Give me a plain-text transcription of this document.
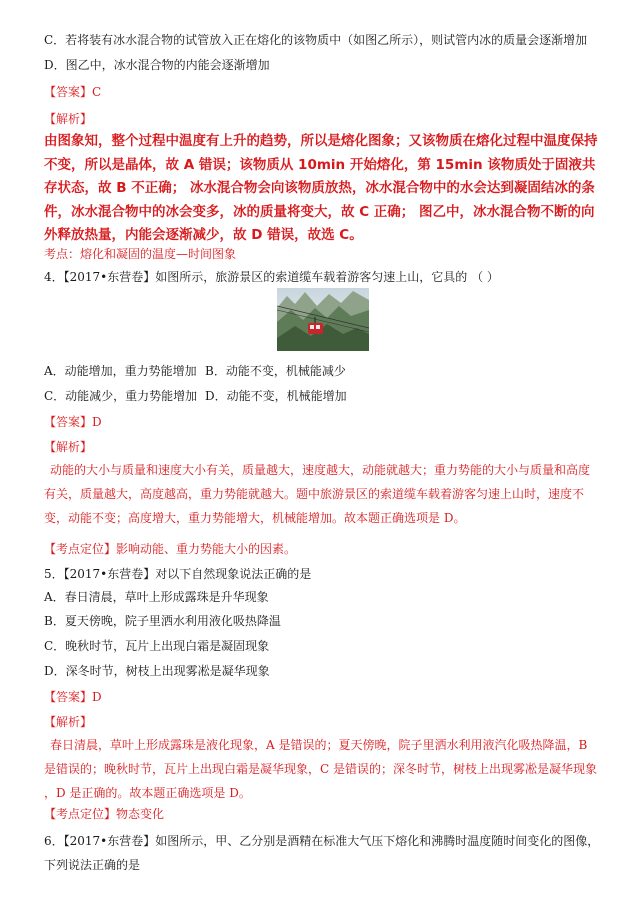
C．若将装有冰水混合物的试管放入正在熔化的该物质中（如图乙所示），则试管内冰的质量会逐渐增加
D．图乙中，冰水混合物的内能会逐渐增加
【答案】C
【解析】
由图象知，整个过程中温度有上升的趋势，所以是熔化图象；又该物质在熔化过程中温度保持不变，所以是晶体，故 A 错误；该物质从 10min 开始熔化，第 15min 该物质处于固液共存状态，故 B 不正确； 冰水混合物会向该物质放热，冰水混合物中的水会达到凝固结冰的条件，冰水混合物中的冰会变多，冰的质量将变大，故 C 正确； 图乙中，冰水混合物不断的向外释放热量，内能会逐渐减少，故 D 错误，故选 C。
考点：熔化和凝固的温度—时间图象
4．【2017•东营卷】如图所示，旅游景区的索道缆车载着游客匀速上山，它具的 （ ）
A．动能增加，重力势能增加 B．动能不变，机械能减少
C．动能减少，重力势能增加 D．动能不变，机械能增加
【答案】D
【解析】
动能的大小与质量和速度大小有关，质量越大，速度越大，动能就越大；重力势能的大小与质量和高度有关，质量越大，高度越高，重力势能就越大。题中旅游景区的索道缆车载着游客匀速上山时，速度不变，动能不变；高度增大，重力势能增大，机械能增加。故本题正确选项是 D。
【考点定位】影响动能、重力势能大小的因素。
5．【2017•东营卷】对以下自然现象说法正确的是
A．春日清晨，草叶上形成露珠是升华现象
B．夏天傍晚，院子里洒水利用液化吸热降温
C．晚秋时节，瓦片上出现白霜是凝固现象
D．深冬时节，树枝上出现雾凇是凝华现象
【答案】D
【解析】
春日清晨，草叶上形成露珠是液化现象，A 是错误的；夏天傍晚，院子里洒水利用液汽化吸热降温，B 是错误的；晚秋时节，瓦片上出现白霜是凝华现象，C 是错误的；深冬时节，树枝上出现雾凇是凝华现象 ，D 是正确的。故本题正确选项是 D。
【考点定位】物态变化
6．【2017•东营卷】如图所示，甲、乙分别是酒精在标准大气压下熔化和沸腾时温度随时间变化的图像，下列说法正确的是
